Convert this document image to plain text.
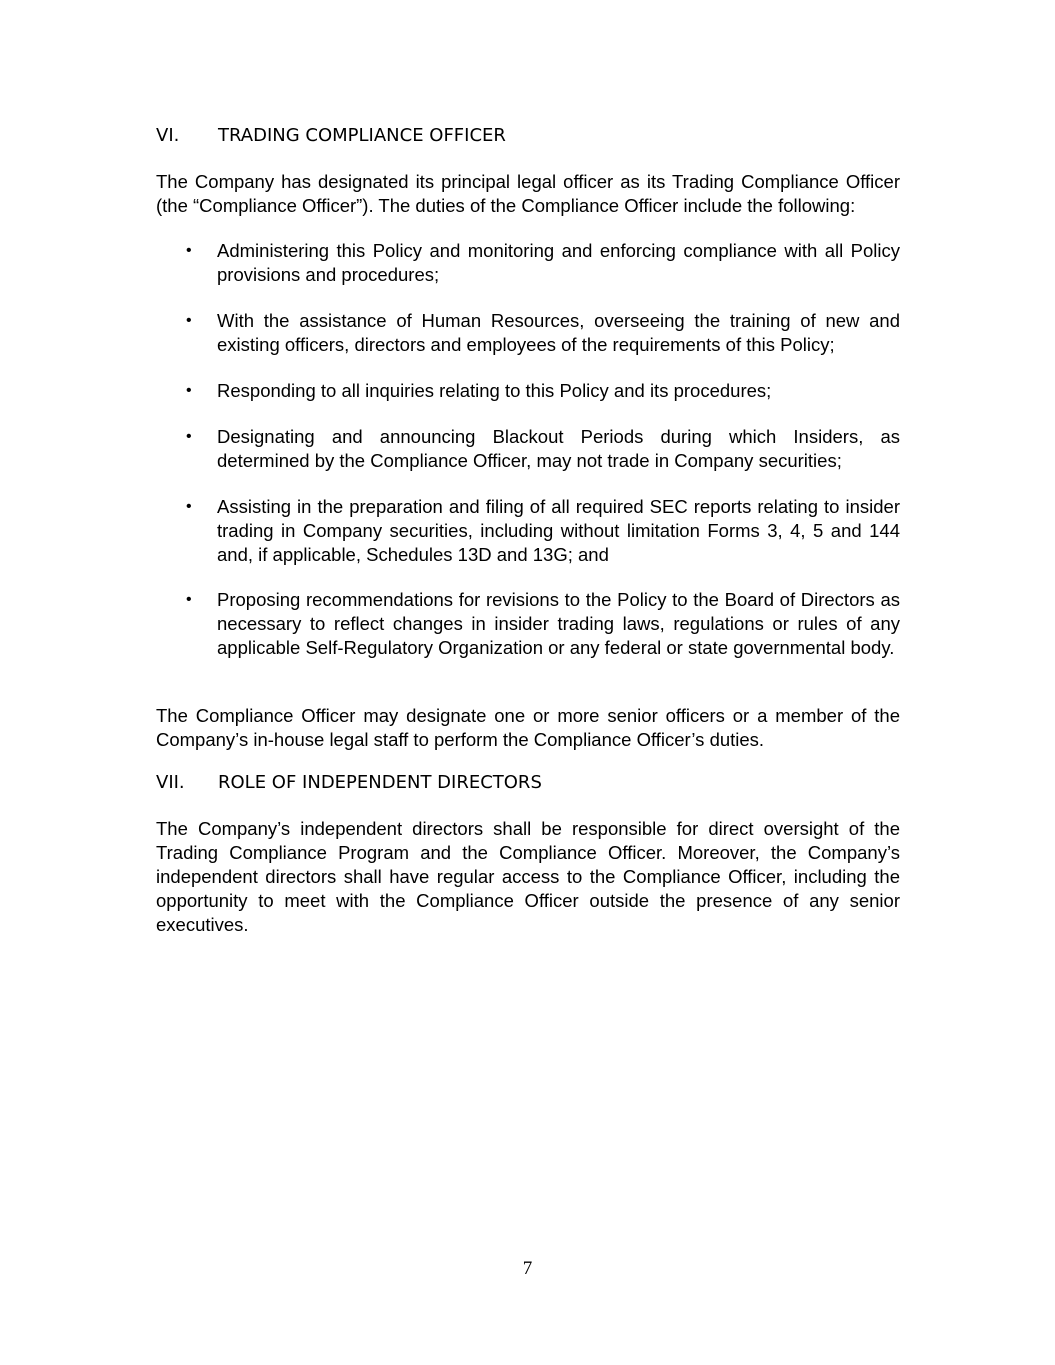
VI. TRADING COMPLIANCE OFFICER
The Company has designated its principal legal officer as its Trading Compliance Officer (the “Compliance Officer”). The duties of the Compliance Officer include the following:
•	Administering this Policy and monitoring and enforcing compliance with all Policy provisions and procedures;
•	With the assistance of Human Resources, overseeing the training of new and existing officers, directors and employees of the requirements of this Policy;
•	Responding to all inquiries relating to this Policy and its procedures;
•	Designating and announcing Blackout Periods during which Insiders, as determined by the Compliance Officer, may not trade in Company securities;
•	Assisting in the preparation and filing of all required SEC reports relating to insider trading in Company securities, including without limitation Forms 3, 4, 5 and 144 and, if applicable, Schedules 13D and 13G; and
•	Proposing recommendations for revisions to the Policy to the Board of Directors as necessary to reflect changes in insider trading laws, regulations or rules of any applicable Self-Regulatory Organization or any federal or state governmental body.
The Compliance Officer may designate one or more senior officers or a member of the Company’s in-house legal staff to perform the Compliance Officer’s duties.
VII. ROLE OF INDEPENDENT DIRECTORS
The Company’s independent directors shall be responsible for direct oversight of the Trading Compliance Program and the Compliance Officer. Moreover, the Company’s independent directors shall have regular access to the Compliance Officer, including the opportunity to meet with the Compliance Officer outside the presence of any senior executives.
7
